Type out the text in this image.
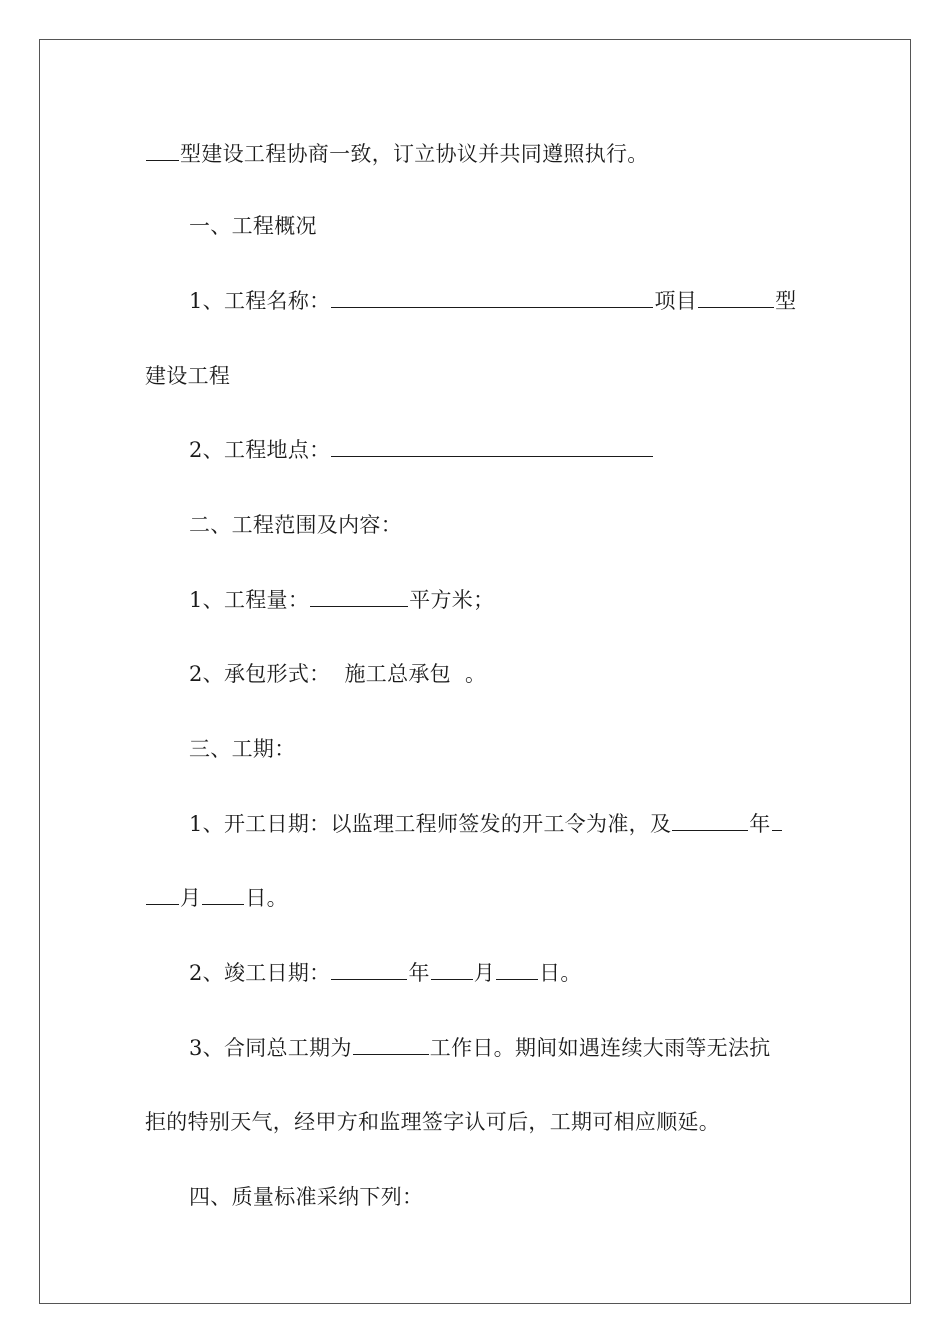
型建设工程协商一致，订立协议并共同遵照执行。
一、工程概况
1、工程名称：	项目	型
建设工程
2、工程地点：
二、工程范围及内容：
1、工程量：	平方米；
2、承包形式： 施工总承包 。
三、工期：
1、开工日期：以监理工程师签发的开工令为准，及	年
月 日。
2、竣工日期：	年 月 日。
3、合同总工期为	工作日。期间如遇连续大雨等无法抗
拒的特别天气，经甲方和监理签字认可后，工期可相应顺延。
四、质量标准采纳下列：
